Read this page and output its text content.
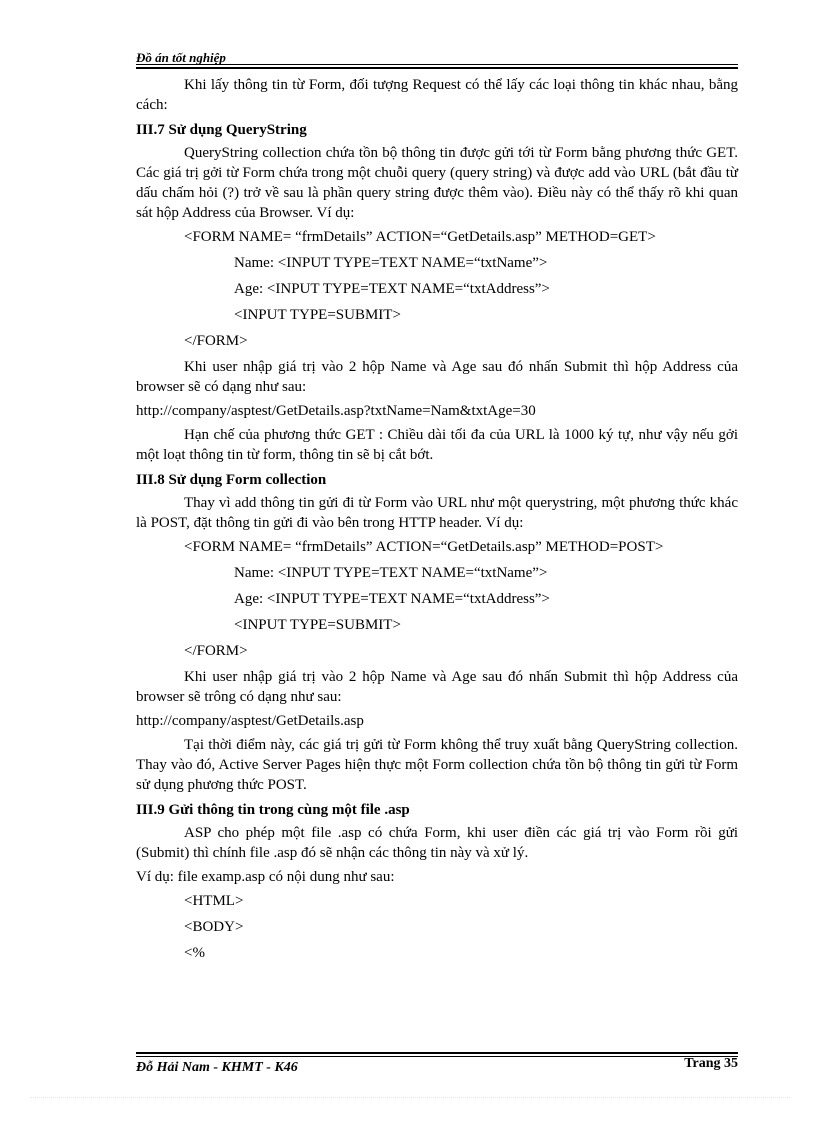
Đồ án tốt nghiệp

Khi lấy thông tin từ Form, đối tượng Request có thể lấy các loại thông tin khác nhau, bằng cách:

III.7 Sử dụng QueryString

QueryString collection chứa tồn bộ thông tin được gửi tới từ Form bằng phương thức GET. Các giá trị gởi từ Form chứa trong một chuỗi query (query string) và được add vào URL (bắt đầu từ dấu chấm hỏi (?) trở về sau là phần query string được thêm vào). Điều này có thể thấy rõ khi quan sát hộp Address của Browser. Ví dụ:

<FORM NAME= “frmDetails” ACTION=“GetDetails.asp” METHOD=GET>

Name: <INPUT TYPE=TEXT NAME=“txtName”>

Age: <INPUT TYPE=TEXT NAME=“txtAddress”>

<INPUT TYPE=SUBMIT>

</FORM>

Khi user nhập giá trị vào 2 hộp Name và Age sau đó nhấn Submit thì hộp Address của browser sẽ có dạng như sau:

http://company/asptest/GetDetails.asp?txtName=Nam&txtAge=30

Hạn chế của phương thức GET : Chiều dài tối đa của URL là 1000 ký tự, như vậy nếu gởi một loạt thông tin từ form, thông tin sẽ bị cắt bớt.

III.8 Sử dụng Form collection

Thay vì add thông tin gửi đi từ Form vào URL như một querystring, một phương thức khác là POST, đặt thông tin gửi đi vào bên trong HTTP header. Ví dụ:

<FORM NAME= “frmDetails” ACTION=“GetDetails.asp” METHOD=POST>

Name: <INPUT TYPE=TEXT NAME=“txtName”>

Age: <INPUT TYPE=TEXT NAME=“txtAddress”>

<INPUT TYPE=SUBMIT>

</FORM>

Khi user nhập giá trị vào 2 hộp Name và Age sau đó nhấn Submit thì hộp Address của browser sẽ trông có dạng như sau:

http://company/asptest/GetDetails.asp

Tại thời điểm này, các giá trị gửi từ Form không thể truy xuất bằng QueryString collection. Thay vào đó, Active Server Pages hiện thực một Form collection chứa tồn bộ thông tin gửi từ Form sử dụng phương thức POST.

III.9 Gửi thông tin trong cùng một file .asp

ASP cho phép một file .asp có chứa Form, khi user điền các giá trị vào Form rồi gửi (Submit) thì chính file .asp đó sẽ nhận các thông tin này và xử lý.

Ví dụ: file examp.asp có nội dung như sau:

<HTML>

<BODY>

<%

Đỗ Hải Nam - KHMT - K46	Trang 35
